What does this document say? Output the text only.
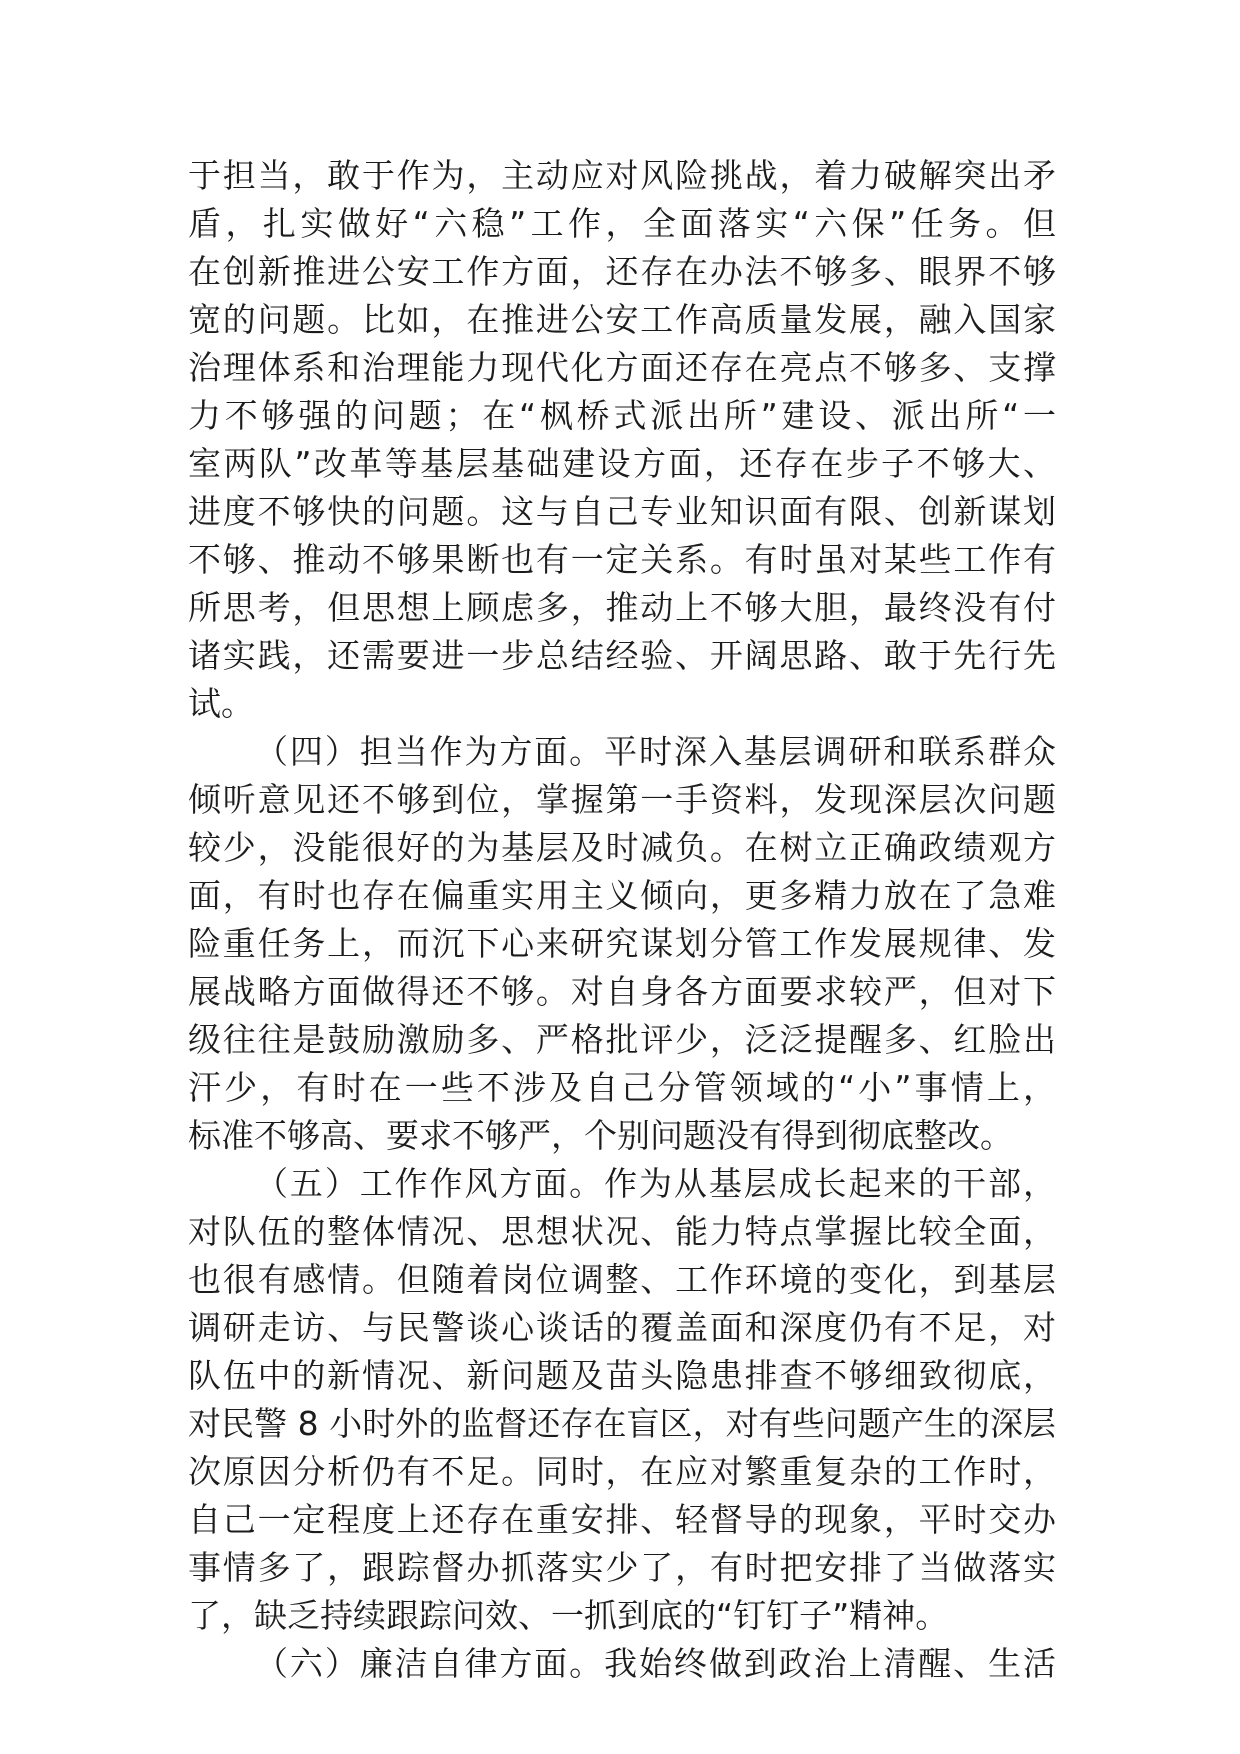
于担当，敢于作为，主动应对风险挑战，着力破解突出矛
盾，扎实做好“六稳”工作，全面落实“六保”任务。但
在创新推进公安工作方面，还存在办法不够多、眼界不够
宽的问题。比如，在推进公安工作高质量发展，融入国家
治理体系和治理能力现代化方面还存在亮点不够多、支撑
力不够强的问题；在“枫桥式派出所”建设、派出所“一
室两队”改革等基层基础建设方面，还存在步子不够大、
进度不够快的问题。这与自己专业知识面有限、创新谋划
不够、推动不够果断也有一定关系。有时虽对某些工作有
所思考，但思想上顾虑多，推动上不够大胆，最终没有付
诸实践，还需要进一步总结经验、开阔思路、敢于先行先
试。
（四）担当作为方面。平时深入基层调研和联系群众
倾听意见还不够到位，掌握第一手资料，发现深层次问题
较少，没能很好的为基层及时减负。在树立正确政绩观方
面，有时也存在偏重实用主义倾向，更多精力放在了急难
险重任务上，而沉下心来研究谋划分管工作发展规律、发
展战略方面做得还不够。对自身各方面要求较严，但对下
级往往是鼓励激励多、严格批评少，泛泛提醒多、红脸出
汗少，有时在一些不涉及自己分管领域的“小”事情上，
标准不够高、要求不够严，个别问题没有得到彻底整改。
（五）工作作风方面。作为从基层成长起来的干部，
对队伍的整体情况、思想状况、能力特点掌握比较全面，
也很有感情。但随着岗位调整、工作环境的变化，到基层
调研走访、与民警谈心谈话的覆盖面和深度仍有不足，对
队伍中的新情况、新问题及苗头隐患排查不够细致彻底，
对民警 8 小时外的监督还存在盲区，对有些问题产生的深层
次原因分析仍有不足。同时，在应对繁重复杂的工作时，
自己一定程度上还存在重安排、轻督导的现象，平时交办
事情多了，跟踪督办抓落实少了，有时把安排了当做落实
了，缺乏持续跟踪问效、一抓到底的“钉钉子”精神。
（六）廉洁自律方面。我始终做到政治上清醒、生活
